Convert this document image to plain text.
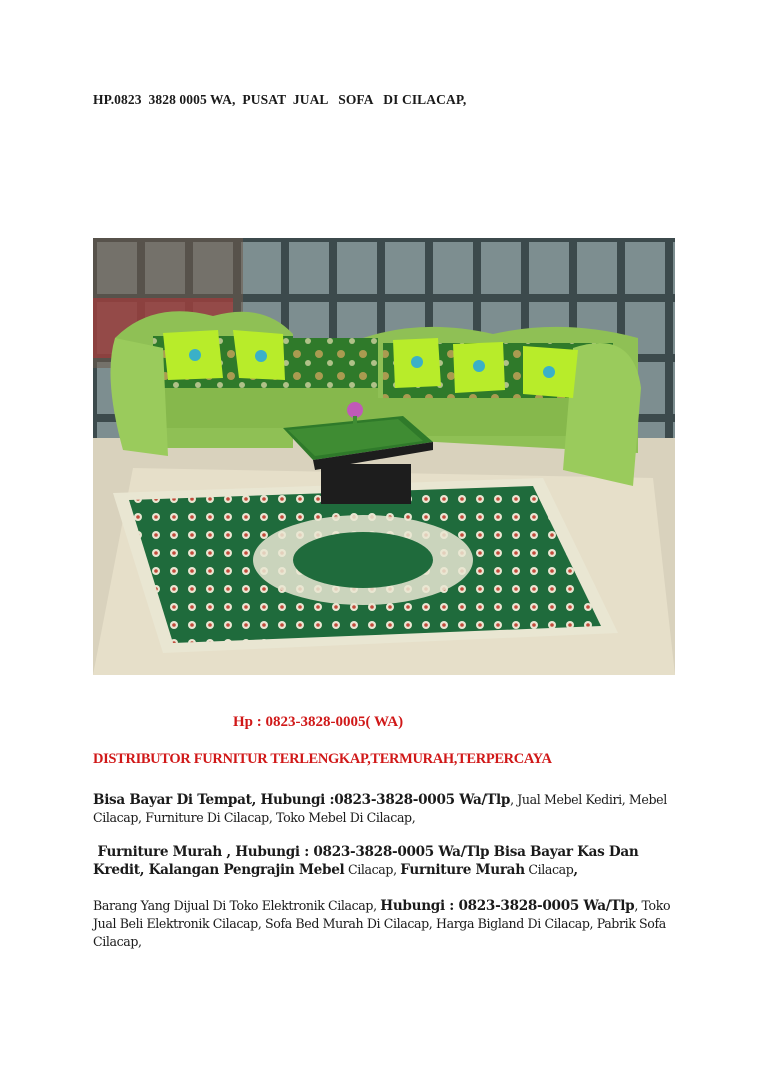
HP.0823  3828 0005 WA,  PUSAT  JUAL   SOFA   DI CILACAP,
Hp : 0823-3828-0005( WA)
DISTRIBUTOR FURNITUR TERLENGKAP,TERMURAH,TERPERCAYA
Bisa Bayar Di Tempat, Hubungi :0823-3828-0005 Wa/Tlp, Jual Mebel Kediri, Mebel Cilacap, Furniture Di Cilacap, Toko Mebel Di Cilacap,
Furniture Murah , Hubungi : 0823-3828-0005 Wa/Tlp Bisa Bayar Kas Dan Kredit, Kalangan Pengrajin Mebel Cilacap, Furniture Murah Cilacap,
Barang Yang Dijual Di Toko Elektronik Cilacap, Hubungi : 0823-3828-0005 Wa/Tlp, Toko Jual Beli Elektronik Cilacap, Sofa Bed Murah Di Cilacap, Harga Bigland Di Cilacap, Pabrik Sofa Cilacap,
